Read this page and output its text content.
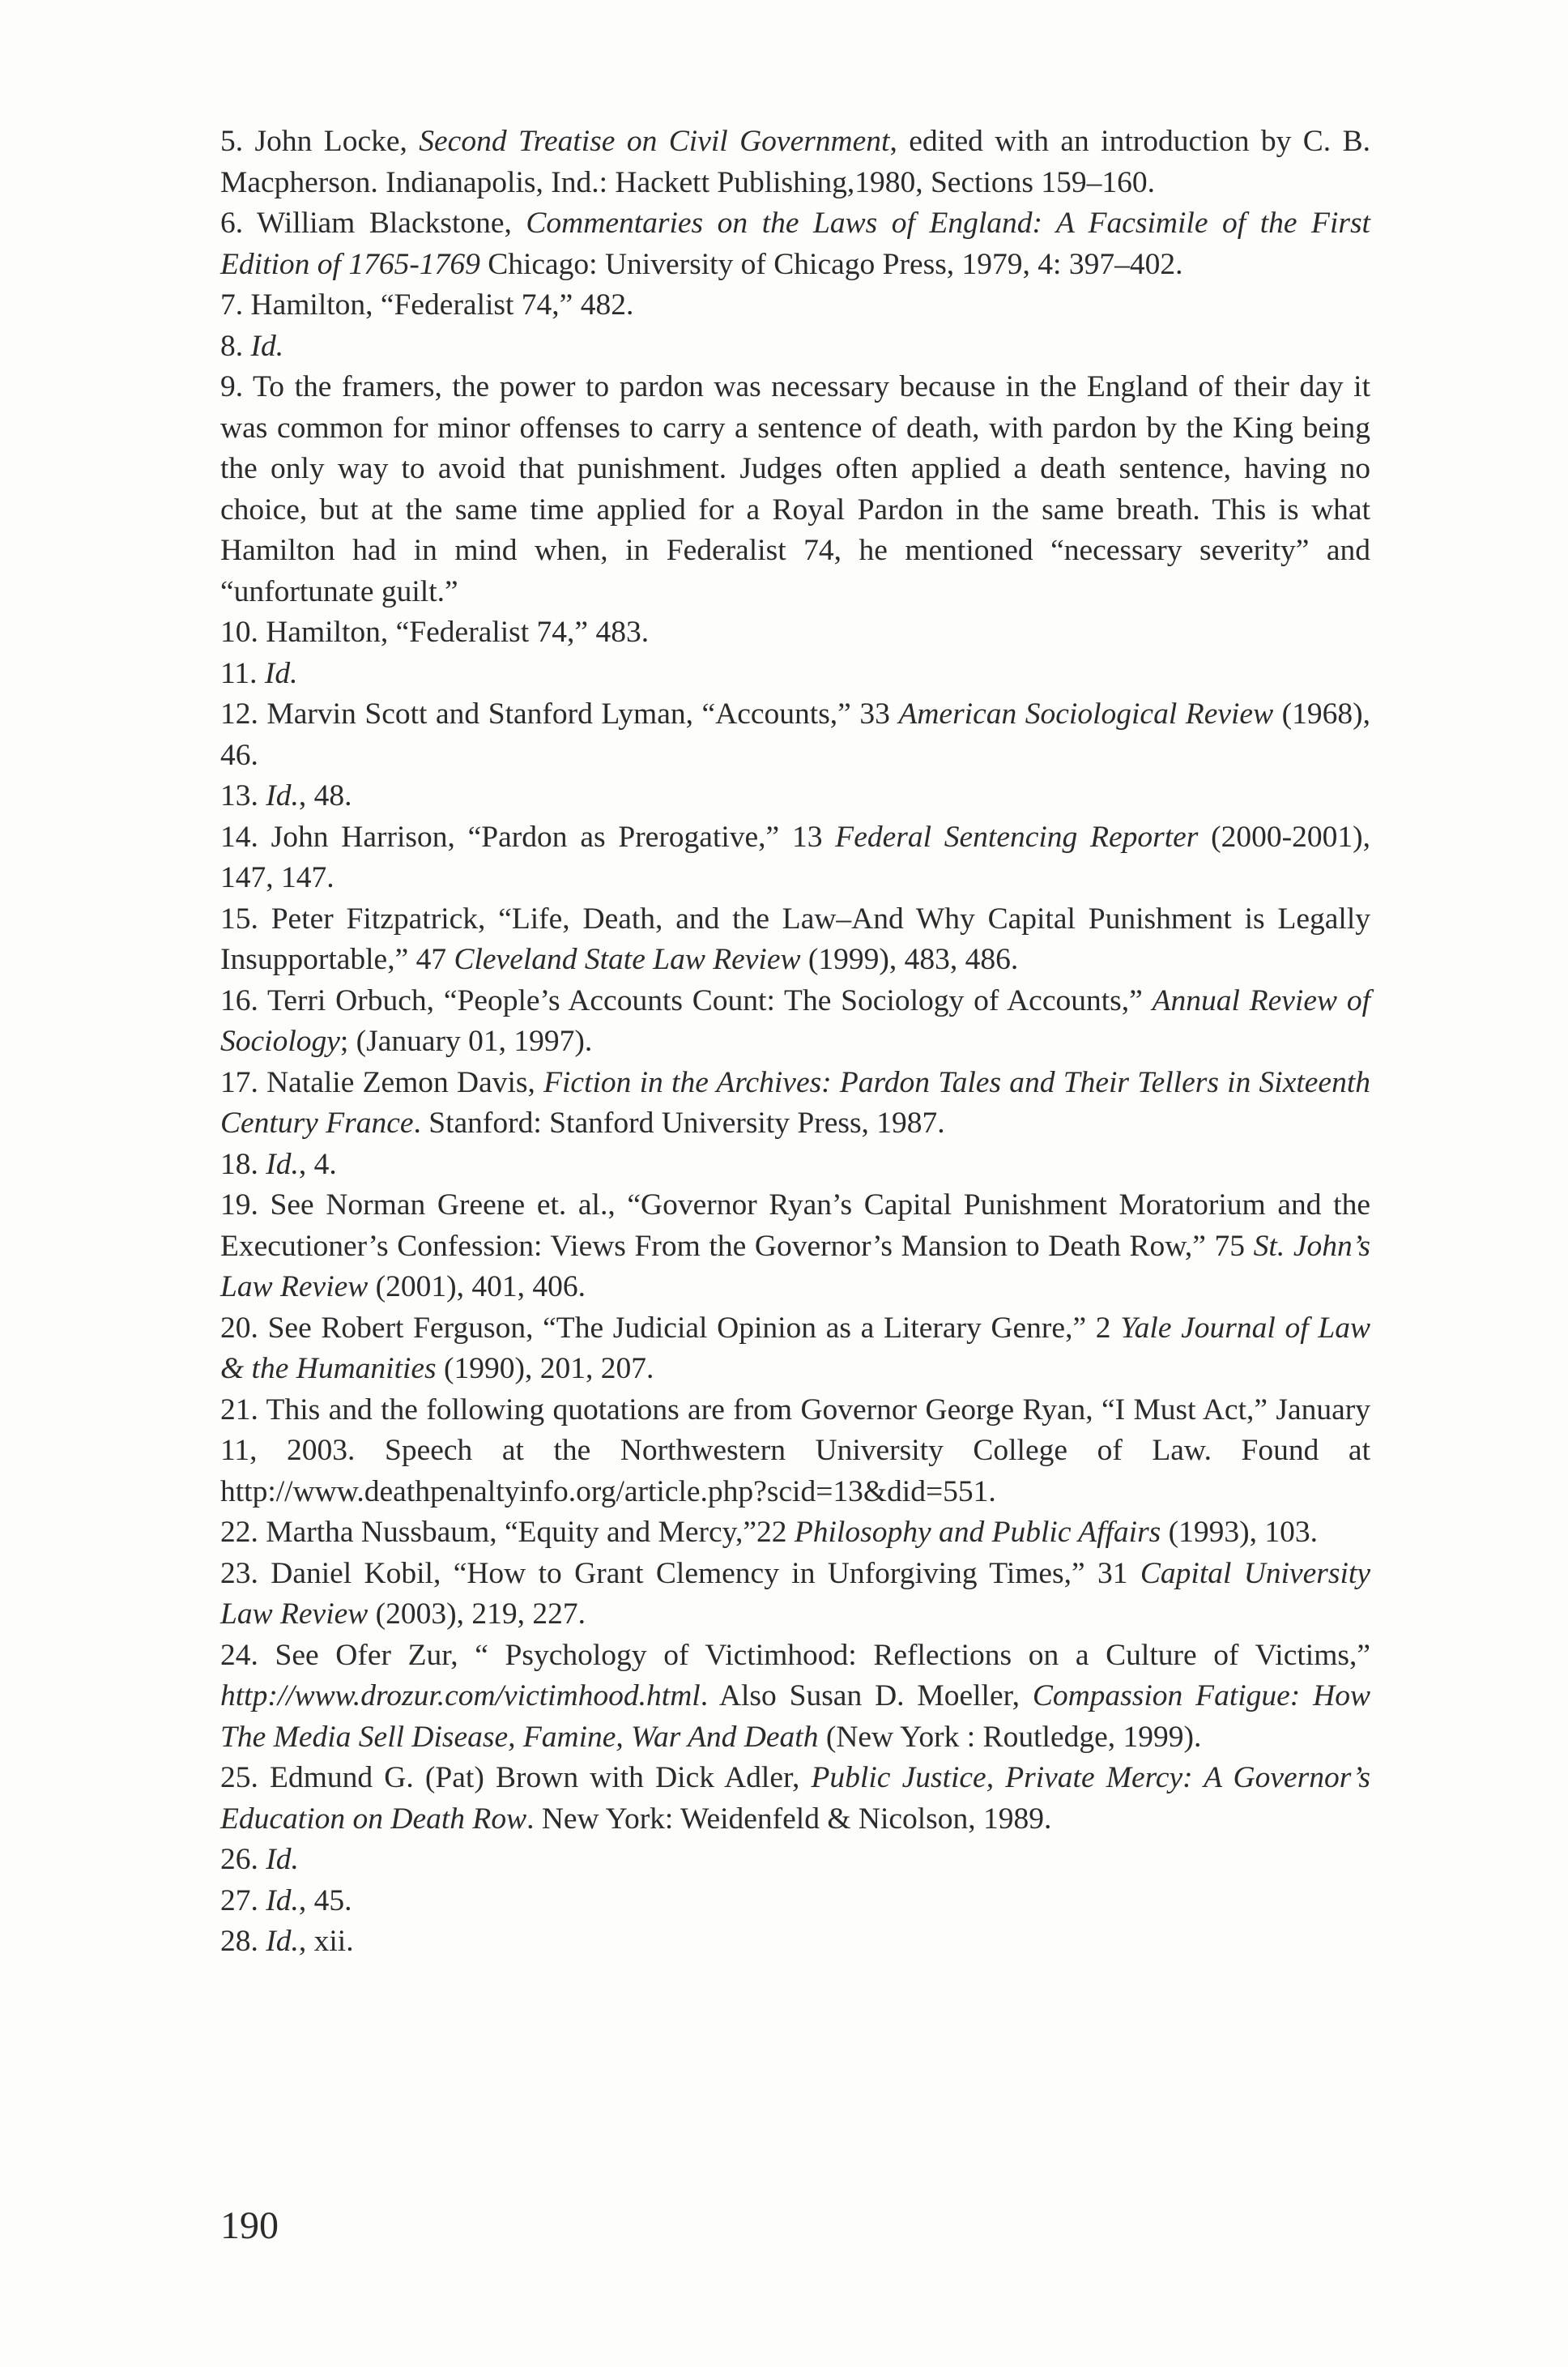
5. John Locke, Second Treatise on Civil Government, edited with an introduction by C. B. Macpherson. Indianapolis, Ind.: Hackett Publishing,1980, Sections 159–160.

6. William Blackstone, Commentaries on the Laws of England: A Facsimile of the First Edition of 1765-1769 Chicago: University of Chicago Press, 1979, 4: 397–402.

7. Hamilton, “Federalist 74,” 482.

8. Id.

9. To the framers, the power to pardon was necessary because in the England of their day it was common for minor offenses to carry a sentence of death, with pardon by the King being the only way to avoid that punishment. Judges often applied a death sentence, having no choice, but at the same time applied for a Royal Pardon in the same breath. This is what Hamilton had in mind when, in Federalist 74, he mentioned “necessary severity” and “unfortunate guilt.”

10. Hamilton, “Federalist 74,” 483.

11. Id.

12. Marvin Scott and Stanford Lyman, “Accounts,” 33 American Sociological Review (1968), 46.

13. Id., 48.

14. John Harrison, “Pardon as Prerogative,” 13 Federal Sentencing Reporter (2000-2001), 147, 147.

15. Peter Fitzpatrick, “Life, Death, and the Law–And Why Capital Punishment is Legally Insupportable,” 47 Cleveland State Law Review (1999), 483, 486.

16. Terri Orbuch, “People’s Accounts Count: The Sociology of Accounts,” Annual Review of Sociology; (January 01, 1997).

17. Natalie Zemon Davis, Fiction in the Archives: Pardon Tales and Their Tellers in Sixteenth Century France. Stanford: Stanford University Press, 1987.

18. Id., 4.

19. See Norman Greene et. al., “Governor Ryan’s Capital Punishment Moratorium and the Executioner’s Confession: Views From the Governor’s Mansion to Death Row,” 75 St. John’s Law Review (2001), 401, 406.

20. See Robert Ferguson, “The Judicial Opinion as a Literary Genre,” 2 Yale Journal of Law & the Humanities (1990), 201, 207.

21. This and the following quotations are from Governor George Ryan, “I Must Act,” January 11, 2003. Speech at the Northwestern University College of Law. Found at http://www.deathpenaltyinfo.org/article.php?scid=13&did=551.

22. Martha Nussbaum, “Equity and Mercy,”22 Philosophy and Public Affairs (1993), 103.

23. Daniel Kobil, “How to Grant Clemency in Unforgiving Times,” 31 Capital University Law Review (2003), 219, 227.

24. See Ofer Zur, “ Psychology of Victimhood: Reflections on a Culture of Victims,” http://www.drozur.com/victimhood.html. Also Susan D. Moeller, Compassion Fatigue: How The Media Sell Disease, Famine, War And Death (New York : Routledge, 1999).

25. Edmund G. (Pat) Brown with Dick Adler, Public Justice, Private Mercy: A Governor’s Education on Death Row. New York: Weidenfeld & Nicolson, 1989.

26. Id.

27. Id., 45.

28. Id., xii.

190
